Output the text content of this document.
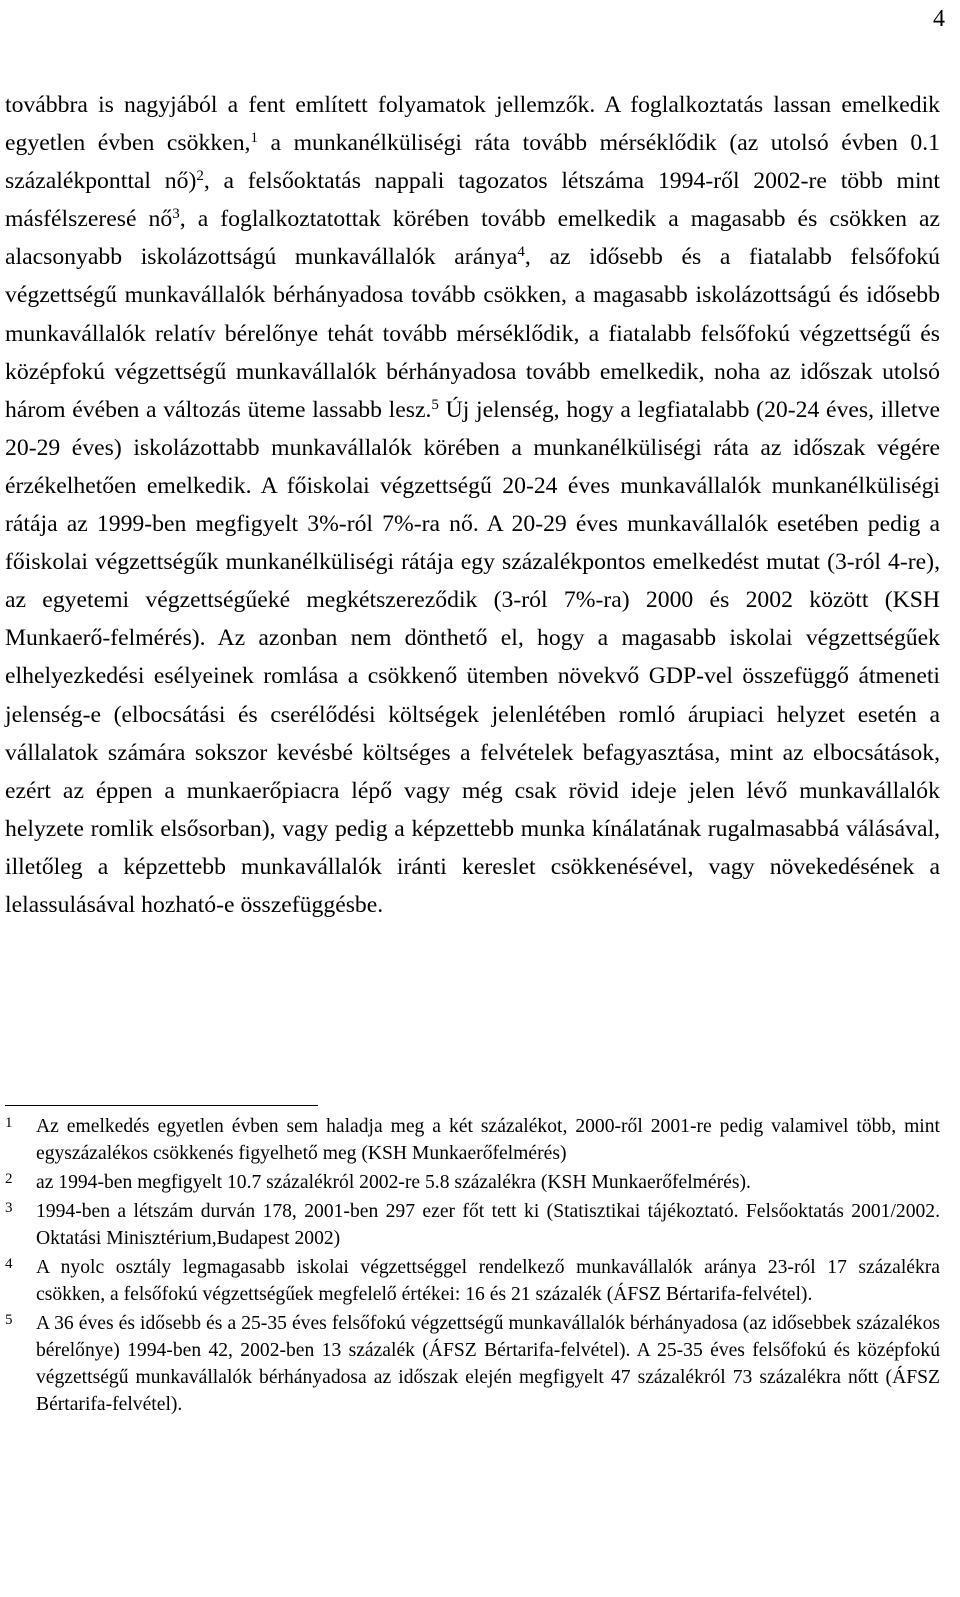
4

továbbra is nagyjából a fent említett folyamatok jellemzők. A foglalkoztatás lassan emelkedik egyetlen évben csökken,$^1$ a munkanélküliségi ráta tovább mérséklődik (az utolsó évben 0.1 százalékponttal nő)$^2$, a felsőoktatás nappali tagozatos létszáma 1994-ről 2002-re több mint másfélszeresé $nő^3$, a foglalkoztatottak körében tovább emelkedik a magasabb és csökken az alacsonyabb iskolázottságú munkavállalók aránya$^4$, az idősebb és a fiatalabb felsőfokú végzettségű munkavállalók bérhányadosa tovább csökken, a magasabb iskolázottságú és idősebb munkavállalók relatív bérelőnye tehát tovább mérséklődik, a fiatalabb felsőfokú végzettségű és középfokú végzettségű munkavállalók bérhányadosa tovább emelkedik, noha az időszak utolsó három évében a változás üteme lassabb lesz.$^5$ Új jelenség, hogy a legfiatalabb (20-24 éves, illetve 20-29 éves) iskolázottabb munkavállalók körében a munkanélküliségi ráta az időszak végére érzékelhetően emelkedik. A főiskolai végzettségű 20-24 éves munkavállalók munkanélküliségi rátája az 1999-ben megfigyelt 3%-ról 7%-ra nő. A 20-29 éves munkavállalók esetében pedig a főiskolai végzettségűk munkanélküliségi rátája egy százalékpontos emelkedést mutat (3-ról 4-re), az egyetemi végzettségűeké megkétszereződik (3-ról 7%-ra) 2000 és 2002 között (KSH Munkaerő-felmérés). Az azonban nem dönthető el, hogy a magasabb iskolai végzettségűek elhelyezkedési esélyeinek romlása a csökkenő ütemben növekvő GDP-vel összefüggő átmeneti jelenség-e (elbocsátási és cserélődési költségek jelenlétében romló árupiaci helyzet esetén a vállalatok számára sokszor kevésbé költséges a felvételek befagyasztása, mint az elbocsátások, ezért az éppen a munkaerőpiacra lépő vagy még csak rövid ideje jelen lévő munkavállalók helyzete romlik elsősorban), vagy pedig a képzettebb munka kínálatának rugalmasabbá válásával, illetőleg a képzettebb munkavállalók iránti kereslet csökkenésével, vagy növekedésének a lelassulásával hozható-e összefüggésbe.

1 Az emelkedés egyetlen évben sem haladja meg a két százalékot, 2000-ről 2001-re pedig valamivel több, mint egyszázalékos csökkenés figyelhető meg (KSH Munkaerőfelmérés)

2 az 1994-ben megfigyelt 10.7 százalékról 2002-re 5.8 százalékra (KSH Munkaerőfelmérés).

3 1994-ben a létszám durván 178, 2001-ben 297 ezer főt tett ki (Statisztikai tájékoztató. Felsőoktatás 2001/2002. Oktatási Minisztérium,Budapest 2002)

4 A nyolc osztály legmagasabb iskolai végzettséggel rendelkező munkavállalók aránya 23-ról 17 százalékra csökken, a felsőfokú végzettségűek megfelelő értékei: 16 és 21 százalék (ÁFSZ Bértarifa-felvétel).

5 A 36 éves és idősebb és a 25-35 éves felsőfokú végzettségű munkavállalók bérhányadosa (az idősebbek százalékos bérelőnye) 1994-ben 42, 2002-ben 13 százalék (ÁFSZ Bértarifa-felvétel). A 25-35 éves felsőfokú és középfokú végzettségű munkavállalók bérhányadosa az időszak elején megfigyelt 47 százalékról 73 százalékra nőtt (ÁFSZ Bértarifa-felvétel).
